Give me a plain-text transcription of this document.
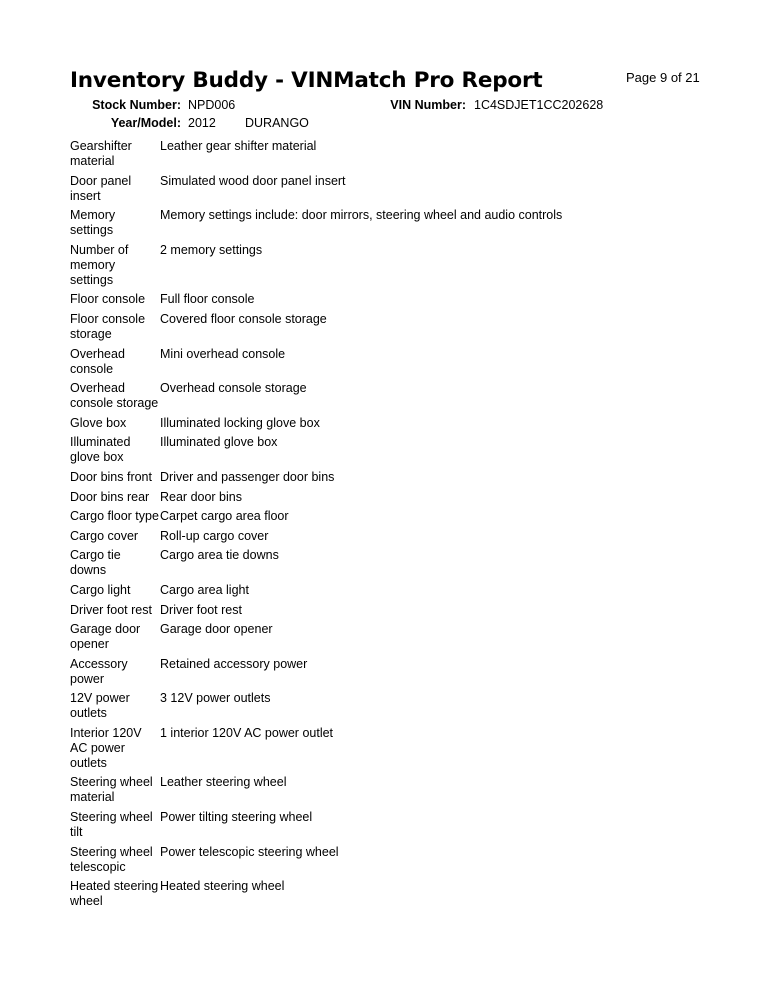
Inventory Buddy - VINMatch Pro Report	Page 9 of 21
Stock Number: NPD006	VIN Number: 1C4SDJET1CC202628
Year/Model: 2012 DURANGO
Gearshifter material	Leather gear shifter material
Door panel insert	Simulated wood door panel insert
Memory settings	Memory settings include: door mirrors, steering wheel and audio controls
Number of memory settings	2 memory settings
Floor console	Full floor console
Floor console storage	Covered floor console storage
Overhead console	Mini overhead console
Overhead console storage	Overhead console storage
Glove box	Illuminated locking glove box
Illuminated glove box	Illuminated glove box
Door bins front	Driver and passenger door bins
Door bins rear	Rear door bins
Cargo floor type	Carpet cargo area floor
Cargo cover	Roll-up cargo cover
Cargo tie downs	Cargo area tie downs
Cargo light	Cargo area light
Driver foot rest	Driver foot rest
Garage door opener	Garage door opener
Accessory power	Retained accessory power
12V power outlets	3 12V power outlets
Interior 120V AC power outlets	1 interior 120V AC power outlet
Steering wheel material	Leather steering wheel
Steering wheel tilt	Power tilting steering wheel
Steering wheel telescopic	Power telescopic steering wheel
Heated steering wheel	Heated steering wheel
